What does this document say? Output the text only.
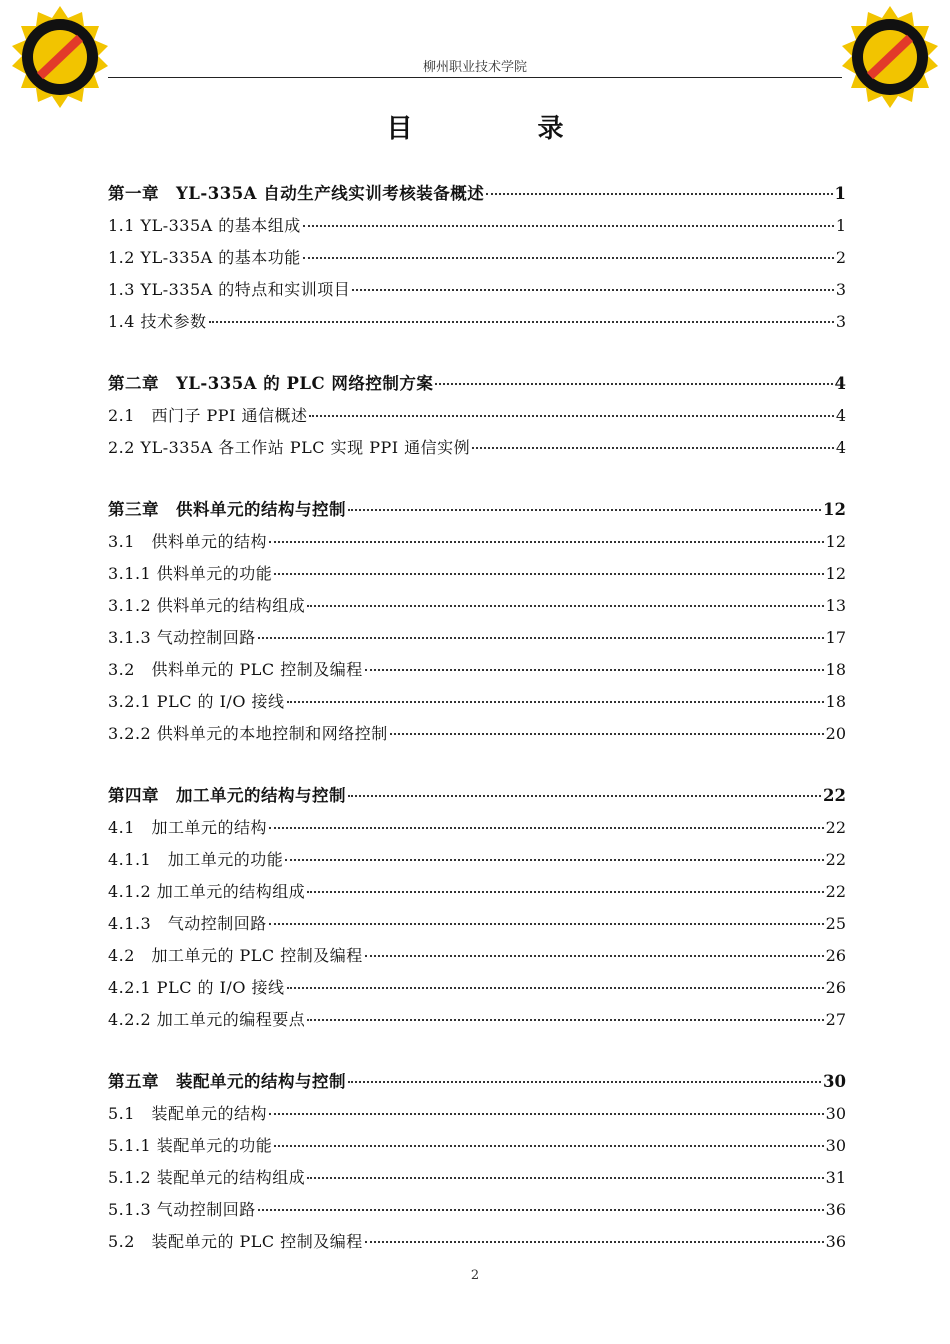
柳州职业技术学院
目 录
第一章　YL-335A 自动生产线实训考核装备概述	1
1.1 YL-335A 的基本组成	1
1.2 YL-335A 的基本功能	2
1.3 YL-335A 的特点和实训项目	3
1.4 技术参数	3
第二章　YL-335A 的 PLC 网络控制方案	4
2.1　西门子 PPI 通信概述	4
2.2 YL-335A 各工作站 PLC 实现 PPI 通信实例	4
第三章　供料单元的结构与控制	12
3.1　供料单元的结构	12
3.1.1 供料单元的功能	12
3.1.2 供料单元的结构组成	13
3.1.3 气动控制回路	17
3.2　供料单元的 PLC 控制及编程	18
3.2.1 PLC 的 I/O 接线	18
3.2.2 供料单元的本地控制和网络控制	20
第四章　加工单元的结构与控制	22
4.1　加工单元的结构	22
4.1.1　加工单元的功能	22
4.1.2 加工单元的结构组成	22
4.1.3　气动控制回路	25
4.2　加工单元的 PLC 控制及编程	26
4.2.1 PLC 的 I/O 接线	26
4.2.2 加工单元的编程要点	27
第五章　装配单元的结构与控制	30
5.1　装配单元的结构	30
5.1.1 装配单元的功能	30
5.1.2 装配单元的结构组成	31
5.1.3 气动控制回路	36
5.2　装配单元的 PLC 控制及编程	36
2
